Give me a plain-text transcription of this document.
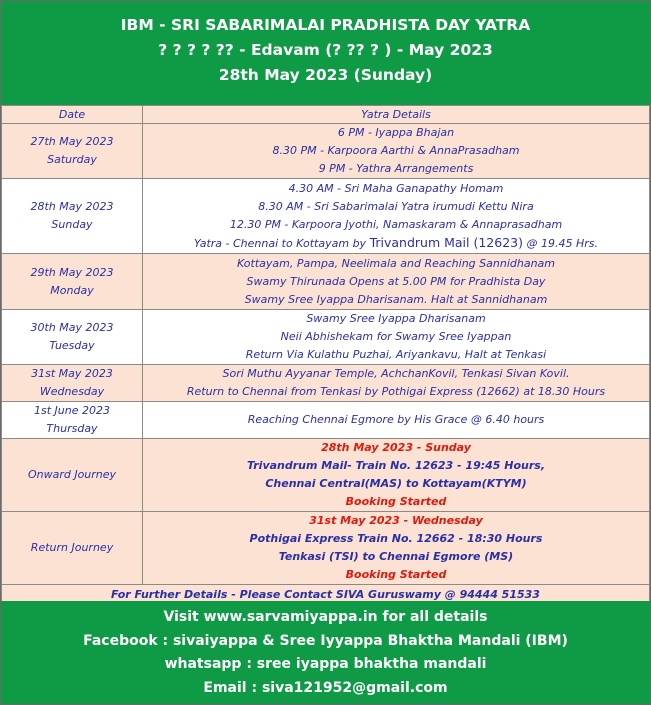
IBM - SRI SABARIMALAI PRADHISTA DAY YATRA
? ? ? ? ?? - Edavam (? ?? ? ) - May 2023
28th May 2023 (Sunday)
Date	Yatra Details

27th May 2023
Saturday	6 PM - Iyappa Bhajan
8.30 PM - Karpoora Aarthi & AnnaPrasadham
9 PM - Yathra Arrangements

28th May 2023
Sunday	4.30 AM - Sri Maha Ganapathy Homam
8.30 AM - Sri Sabarimalai Yatra irumudi Kettu Nira
12.30 PM - Karpoora Jyothi, Namaskaram & Annaprasadham
Yatra - Chennai to Kottayam by Trivandrum Mail (12623) @ 19.45 Hrs.

29th May 2023
Monday	Kottayam, Pampa, Neelimala and Reaching Sannidhanam
Swamy Thirunada Opens at 5.00 PM for Pradhista Day
Swamy Sree Iyappa Dharisanam. Halt at Sannidhanam

30th May 2023
Tuesday	Swamy Sree Iyappa Dharisanam
Neii Abhishekam for Swamy Sree Iyappan
Return Via Kulathu Puzhai, Ariyankavu, Halt at Tenkasi

31st May 2023
Wednesday	Sori Muthu Ayyanar Temple, AchchanKovil, Tenkasi Sivan Kovil.
Return to Chennai from Tenkasi by Pothigai Express (12662) at 18.30 Hours

1st June 2023
Thursday	Reaching Chennai Egmore by His Grace @ 6.40 hours

Onward Journey	28th May 2023 - Sunday
Trivandrum Mail- Train No. 12623 - 19:45 Hours,
Chennai Central(MAS) to Kottayam(KTYM)
Booking Started

Return Journey	31st May 2023 - Wednesday
Pothigai Express Train No. 12662 - 18:30 Hours
Tenkasi (TSI) to Chennai Egmore (MS)
Booking Started

For Further Details - Please Contact SIVA Guruswamy @ 94444 51533	
Visit www.sarvamiyappa.in for all details
Facebook : sivaiyappa & Sree Iyyappa Bhaktha Mandali (IBM)
whatsapp : sree iyappa bhaktha mandali
Email : siva121952@gmail.com
